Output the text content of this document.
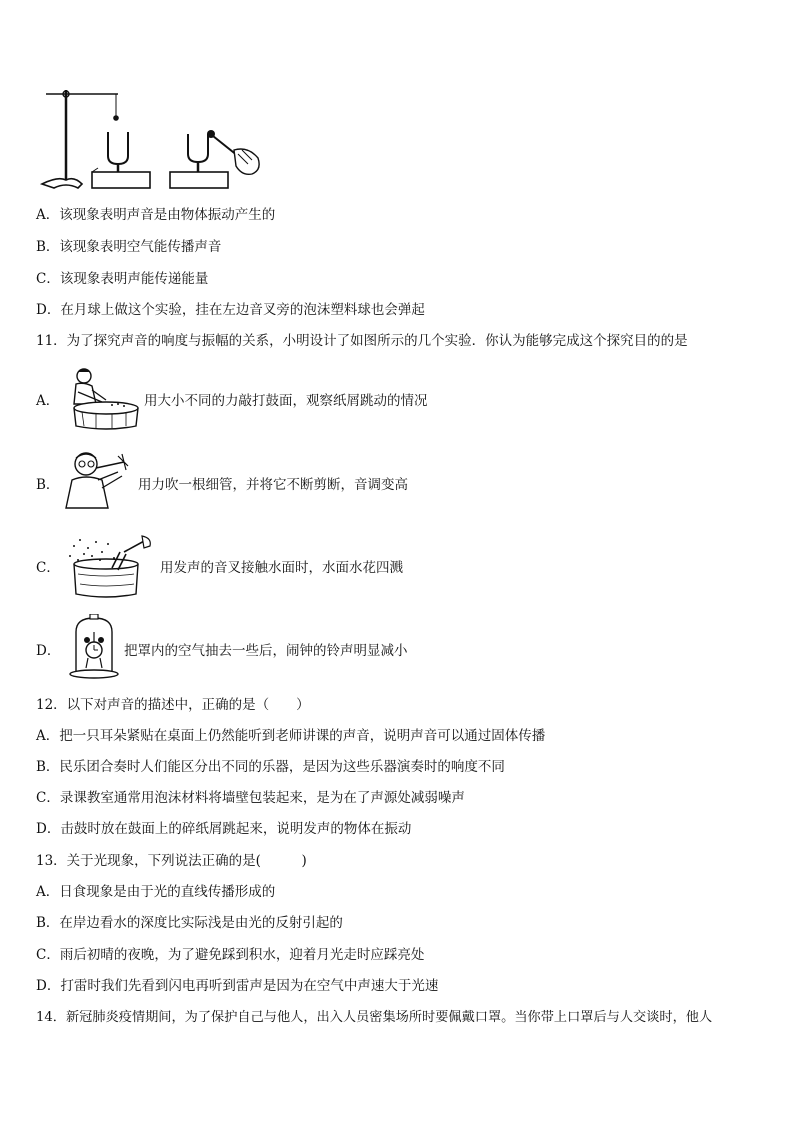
A．该现象表明声音是由物体振动产生的
B．该现象表明空气能传播声音
C．该现象表明声能传递能量
D．在月球上做这个实验，挂在左边音叉旁的泡沫塑料球也会弹起
11．为了探究声音的响度与振幅的关系，小明设计了如图所示的几个实验．你认为能够完成这个探究目的的是
A．	用大小不同的力敲打鼓面，观察纸屑跳动的情况
B．	用力吹一根细管，并将它不断剪断，音调变高
C．	用发声的音叉接触水面时，水面水花四溅
D．	把罩内的空气抽去一些后，闹钟的铃声明显减小
12．以下对声音的描述中，正确的是（　　）
A．把一只耳朵紧贴在桌面上仍然能听到老师讲课的声音，说明声音可以通过固体传播
B．民乐团合奏时人们能区分出不同的乐器，是因为这些乐器演奏时的响度不同
C．录课教室通常用泡沫材料将墙壁包装起来，是为在了声源处减弱噪声
D．击鼓时放在鼓面上的碎纸屑跳起来，说明发声的物体在振动
13．关于光现象，下列说法正确的是(　　　)
A．日食现象是由于光的直线传播形成的
B．在岸边看水的深度比实际浅是由光的反射引起的
C．雨后初晴的夜晚，为了避免踩到积水，迎着月光走时应踩亮处
D．打雷时我们先看到闪电再听到雷声是因为在空气中声速大于光速
14．新冠肺炎疫情期间，为了保护自己与他人，出入人员密集场所时要佩戴口罩。当你带上口罩后与人交谈时，他人
